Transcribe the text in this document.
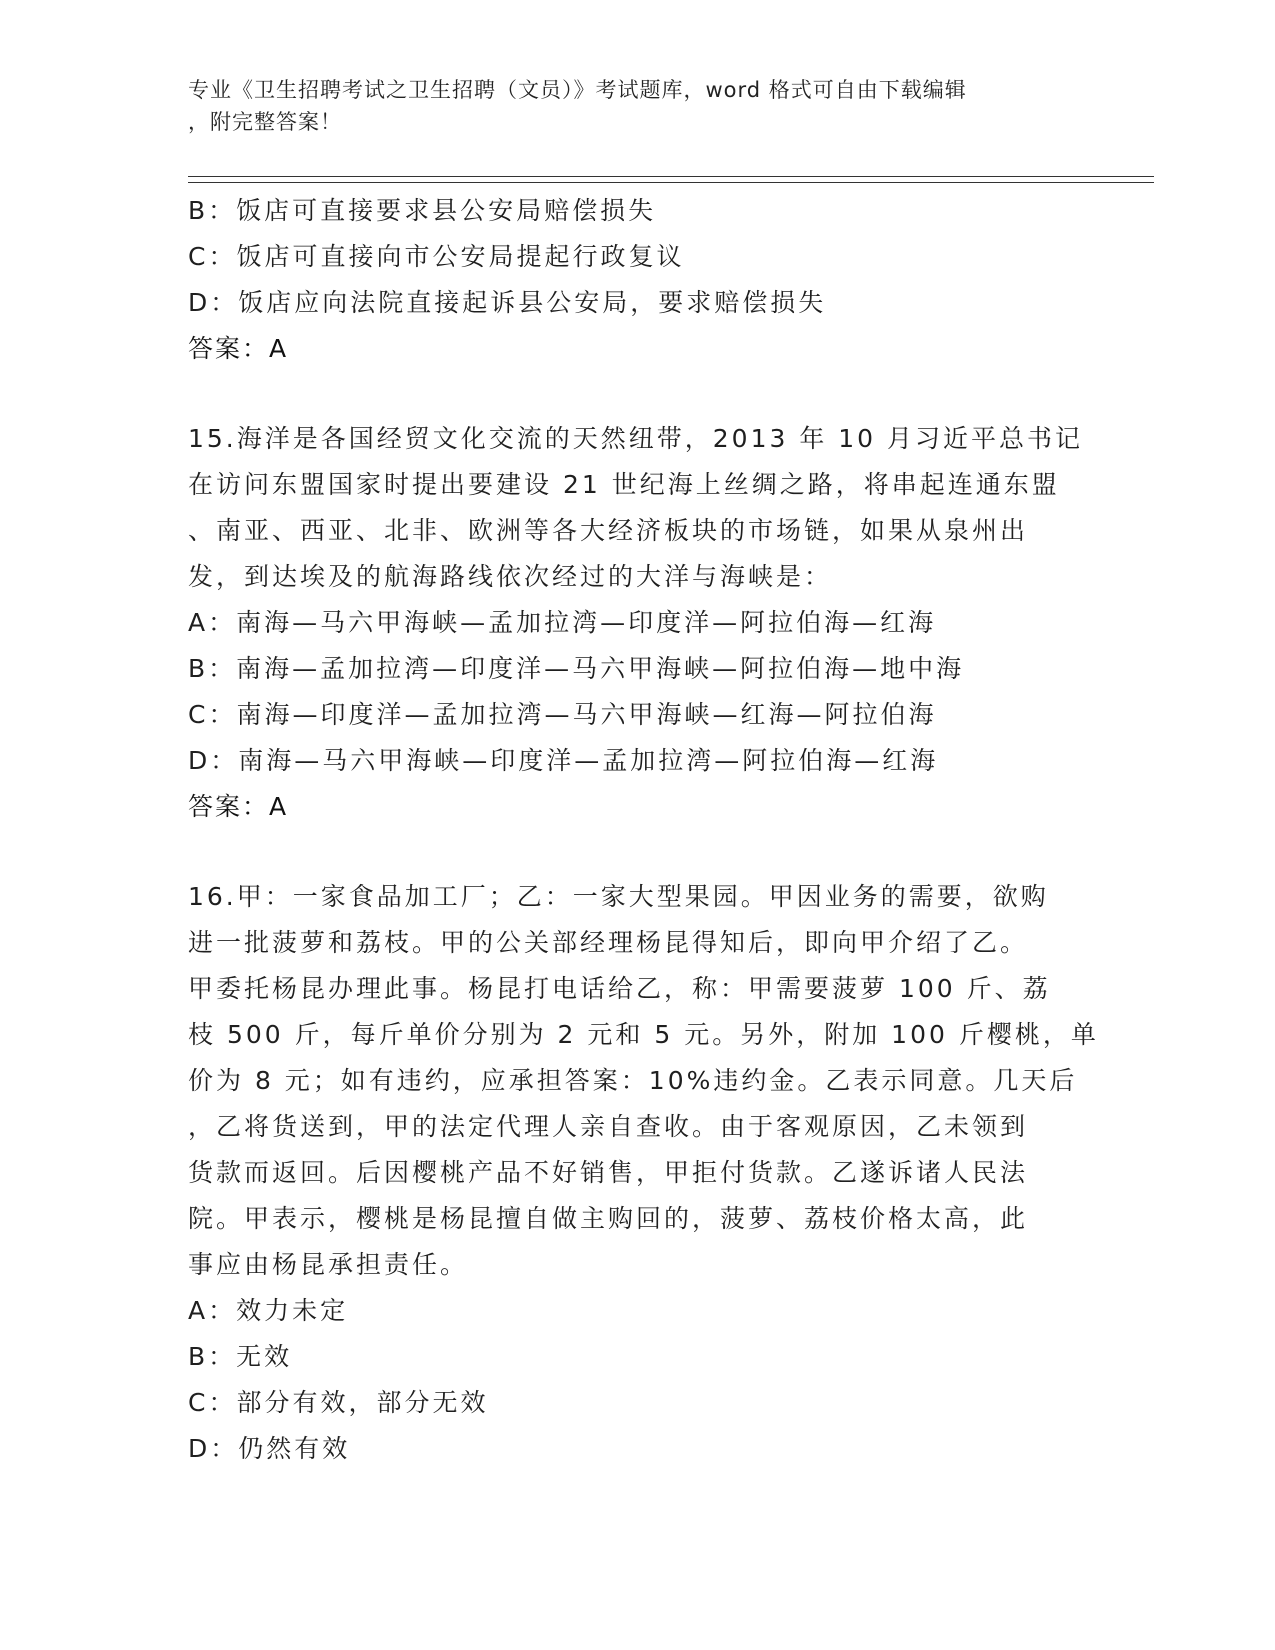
专业《卫生招聘考试之卫生招聘（文员）》考试题库，word 格式可自由下载编辑
，附完整答案！
B：饭店可直接要求县公安局赔偿损失
C：饭店可直接向市公安局提起行政复议
D：饭店应向法院直接起诉县公安局，要求赔偿损失
答案：A
15.海洋是各国经贸文化交流的天然纽带，2013 年 10 月习近平总书记
在访问东盟国家时提出要建设 21 世纪海上丝绸之路，将串起连通东盟
、南亚、西亚、北非、欧洲等各大经济板块的市场链，如果从泉州出
发，到达埃及的航海路线依次经过的大洋与海峡是：
A：南海—马六甲海峡—孟加拉湾—印度洋—阿拉伯海—红海
B：南海—孟加拉湾—印度洋—马六甲海峡—阿拉伯海—地中海
C：南海—印度洋—孟加拉湾—马六甲海峡—红海—阿拉伯海
D：南海—马六甲海峡—印度洋—孟加拉湾—阿拉伯海—红海
答案：A
16.甲：一家食品加工厂；乙：一家大型果园。甲因业务的需要，欲购
进一批菠萝和荔枝。甲的公关部经理杨昆得知后，即向甲介绍了乙。
甲委托杨昆办理此事。杨昆打电话给乙，称：甲需要菠萝 100 斤、荔
枝 500 斤，每斤单价分别为 2 元和 5 元。另外，附加 100 斤樱桃，单
价为 8 元；如有违约，应承担答案：10%违约金。乙表示同意。几天后
，乙将货送到，甲的法定代理人亲自查收。由于客观原因，乙未领到
货款而返回。后因樱桃产品不好销售，甲拒付货款。乙遂诉诸人民法
院。甲表示，樱桃是杨昆擅自做主购回的，菠萝、荔枝价格太高，此
事应由杨昆承担责任。
A：效力未定
B：无效
C：部分有效，部分无效
D：仍然有效
